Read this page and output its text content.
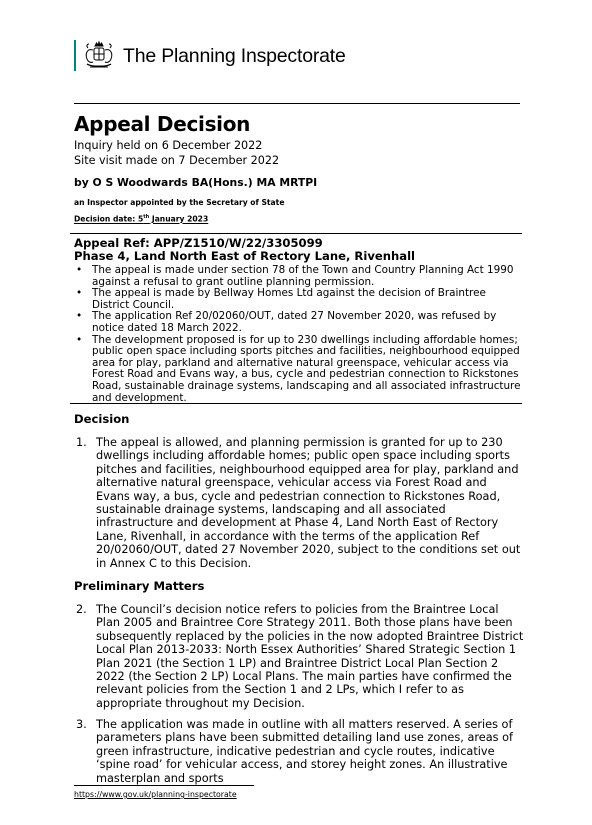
The Planning Inspectorate
Appeal Decision
Inquiry held on 6 December 2022
Site visit made on 7 December 2022
by O S Woodwards BA(Hons.) MA MRTPI
an Inspector appointed by the Secretary of State
Decision date: 5th January 2023
Appeal Ref: APP/Z1510/W/22/3305099
Phase 4, Land North East of Rectory Lane, Rivenhall
• The appeal is made under section 78 of the Town and Country Planning Act 1990 against a refusal to grant outline planning permission.
• The appeal is made by Bellway Homes Ltd against the decision of Braintree District Council.
• The application Ref 20/02060/OUT, dated 27 November 2020, was refused by notice dated 18 March 2022.
• The development proposed is for up to 230 dwellings including affordable homes; public open space including sports pitches and facilities, neighbourhood equipped area for play, parkland and alternative natural greenspace, vehicular access via Forest Road and Evans way, a bus, cycle and pedestrian connection to Rickstones Road, sustainable drainage systems, landscaping and all associated infrastructure and development.
Decision
1. The appeal is allowed, and planning permission is granted for up to 230 dwellings including affordable homes; public open space including sports pitches and facilities, neighbourhood equipped area for play, parkland and alternative natural greenspace, vehicular access via Forest Road and Evans way, a bus, cycle and pedestrian connection to Rickstones Road, sustainable drainage systems, landscaping and all associated infrastructure and development at Phase 4, Land North East of Rectory Lane, Rivenhall, in accordance with the terms of the application Ref 20/02060/OUT, dated 27 November 2020, subject to the conditions set out in Annex C to this Decision.
Preliminary Matters
2. The Council’s decision notice refers to policies from the Braintree Local Plan 2005 and Braintree Core Strategy 2011. Both those plans have been subsequently replaced by the policies in the now adopted Braintree District Local Plan 2013-2033: North Essex Authorities’ Shared Strategic Section 1 Plan 2021 (the Section 1 LP) and Braintree District Local Plan Section 2 2022 (the Section 2 LP) Local Plans. The main parties have confirmed the relevant policies from the Section 1 and 2 LPs, which I refer to as appropriate throughout my Decision.
3. The application was made in outline with all matters reserved. A series of parameters plans have been submitted detailing land use zones, areas of green infrastructure, indicative pedestrian and cycle routes, indicative ‘spine road’ for vehicular access, and storey height zones. An illustrative masterplan and sports
https://www.gov.uk/planning-inspectorate
